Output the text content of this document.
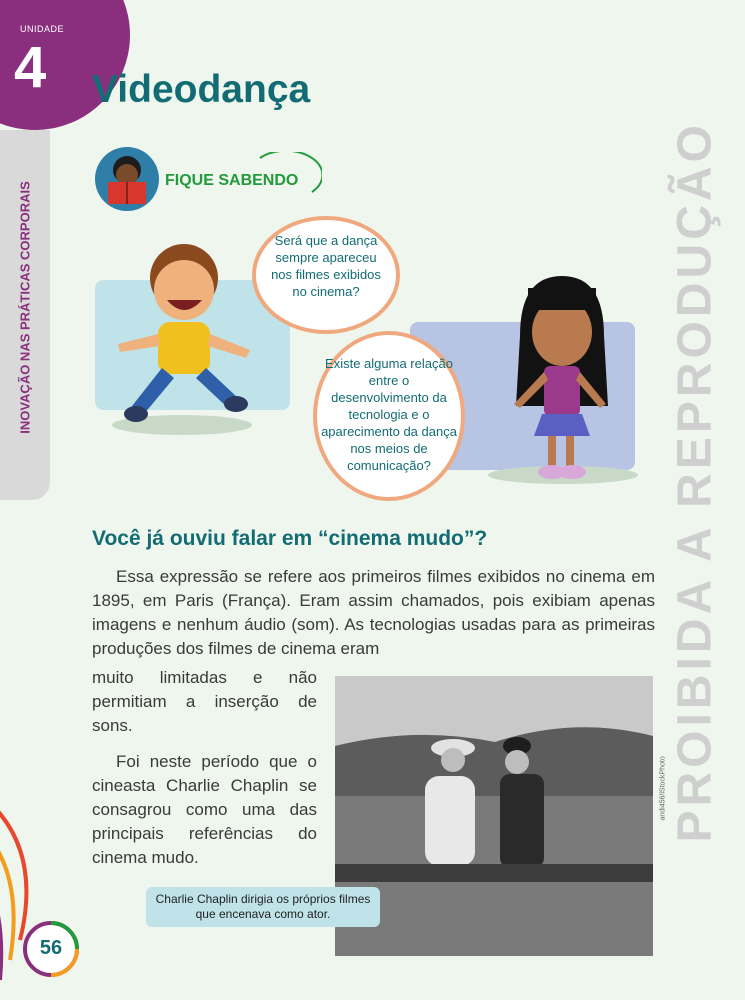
UNIDADE
4
INOVAÇÃO NAS PRÁTICAS CORPORAIS
Videodança
PROIBIDA A REPRODUÇÃO
FIQUE SABENDO
Será que a dança sempre apareceu nos filmes exibidos no cinema?
Existe alguma relação entre o desenvolvimento da tecnologia e o aparecimento da dança nos meios de comunicação?
Você já ouviu falar em “cinema mudo”?
Essa expressão se refere aos primeiros filmes exibidos no cinema em 1895, em Paris (França). Eram assim chamados, pois exibiam apenas imagens e nenhum áudio (som). As tecnologias usadas para as primeiras produções dos filmes de cinema eram
muito limitadas e não permitiam a inserção de sons.
Foi neste período que o cineasta Charlie Chaplin se consagrou como uma das principais referências do cinema mudo.
andi456/iStockPhoto
Charlie Chaplin dirigia os próprios filmes que encenava como ator.
56
